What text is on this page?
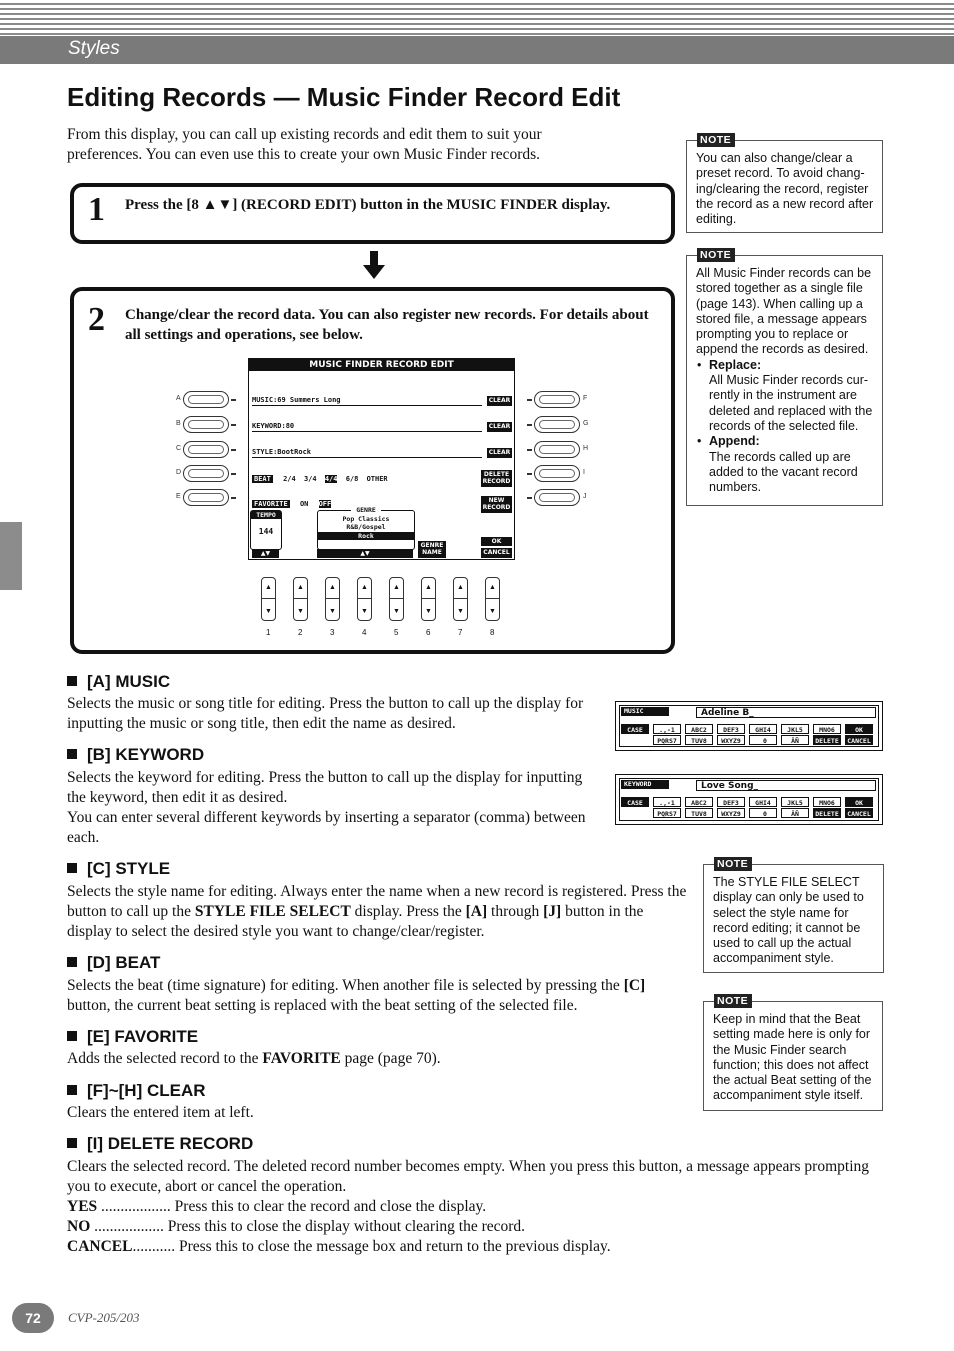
Styles
Editing Records — Music Finder Record Edit
From this display, you can call up existing records and edit them to suit your preferences. You can even use this to create your own Music Finder records.
NOTE
You can also change/clear a preset record. To avoid chang-ing/clearing the record, register the record as a new record after editing.
NOTE
All Music Finder records can be stored together as a single file (page 143). When calling up a stored file, a message appears prompting you to replace or append the records as desired.
• Replace:
All Music Finder records cur-rently in the instrument are deleted and replaced with the records of the selected file.
• Append:
The records called up are added to the vacant record numbers.
NOTE
The STYLE FILE SELECT display can only be used to select the style name for record editing; it cannot be used to call up the actual accompaniment style.
NOTE
Keep in mind that the Beat setting made here is only for the Music Finder search function; this does not affect the actual Beat setting of the accompaniment style itself.
1 Press the [8 ▲▼] (RECORD EDIT) button in the MUSIC FINDER display.
2 Change/clear the record data. You can also register new records. For details about all settings and operations, see below.
MUSIC FINDER RECORD EDIT
MUSIC:69 Summers Long	CLEAR
KEYWORD:80	CLEAR
STYLE:BootRock	CLEAR
BEAT 2/4 3/4 4/4 6/8 OTHER
DELETE
RECORD
FAVORITE ON OFF	NEW
RECORD
TEMPO
144
▲▼
GENRE
Pop Classics
R&B/Gospel
Rock
▲▼
GENRE
NAME
OK
CANCEL
A
B
C
D
E
F
G
H
I
J
▲
▼
1
▲
▼
2
▲
▼
3
▲
▼
4
▲
▼
5
▲
▼
6
▲
▼
7
▲
▼
8
[A] MUSIC
Selects the music or song title for editing. Press the button to call up the display for inputting the music or song title, then edit the name as desired.
[B] KEYWORD
Selects the keyword for editing. Press the button to call up the display for inputting the keyword, then edit it as desired.
You can enter several different keywords by inserting a separator (comma) between each.
MUSIC	Adeline B_
CASE	.,-1
PQRS7
ABC2
TUV8
DEF3
WXYZ9
GHI4
_0
JKL5
ÂÑ
MNO6
DELETE
OK
CANCEL
KEYWORD	Love Song_
CASE	.,-1
PQRS7
ABC2
TUV8
DEF3
WXYZ9
GHI4
_0
JKL5
ÂÑ
MNO6
DELETE
OK
CANCEL
[C] STYLE
Selects the style name for editing. Always enter the name when a new record is registered. Press the button to call up the STYLE FILE SELECT display. Press the [A] through [J] button in the display to select the desired style you want to change/clear/register.
[D] BEAT
Selects the beat (time signature) for editing. When another file is selected by pressing the [C] button, the current beat setting is replaced with the beat setting of the selected file.
[E] FAVORITE
Adds the selected record to the FAVORITE page (page 70).
[F]~[H] CLEAR
Clears the entered item at left.
[I] DELETE RECORD
Clears the selected record. The deleted record number becomes empty. When you press this button, a message appears prompting you to execute, abort or cancel the operation.
YES .................. Press this to clear the record and close the display.
NO .................. Press this to close the display without clearing the record.
CANCEL........... Press this to close the message box and return to the previous display.
72	CVP-205/203
